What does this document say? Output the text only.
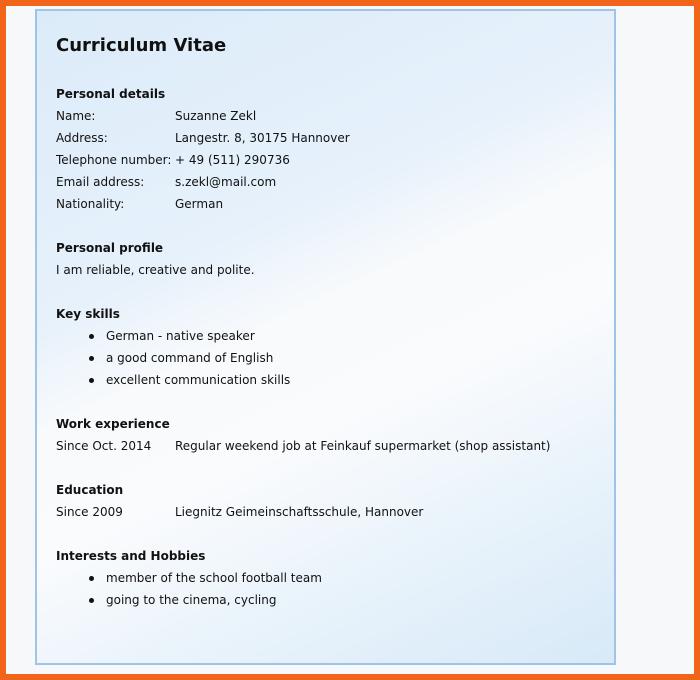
Curriculum Vitae
Personal details
Name:	Suzanne Zekl
Address:	Langestr. 8, 30175 Hannover
Telephone number: + 49 (511) 290736
Email address:	s.zekl@mail.com
Nationality:	German
Personal profile
I am reliable, creative and polite.
Key skills
German - native speaker
a good command of English
excellent communication skills
Work experience
Since Oct. 2014	Regular weekend job at Feinkauf supermarket (shop assistant)
Education
Since 2009	Liegnitz Geimeinschaftsschule, Hannover
Interests and Hobbies
member of the school football team
going to the cinema, cycling
